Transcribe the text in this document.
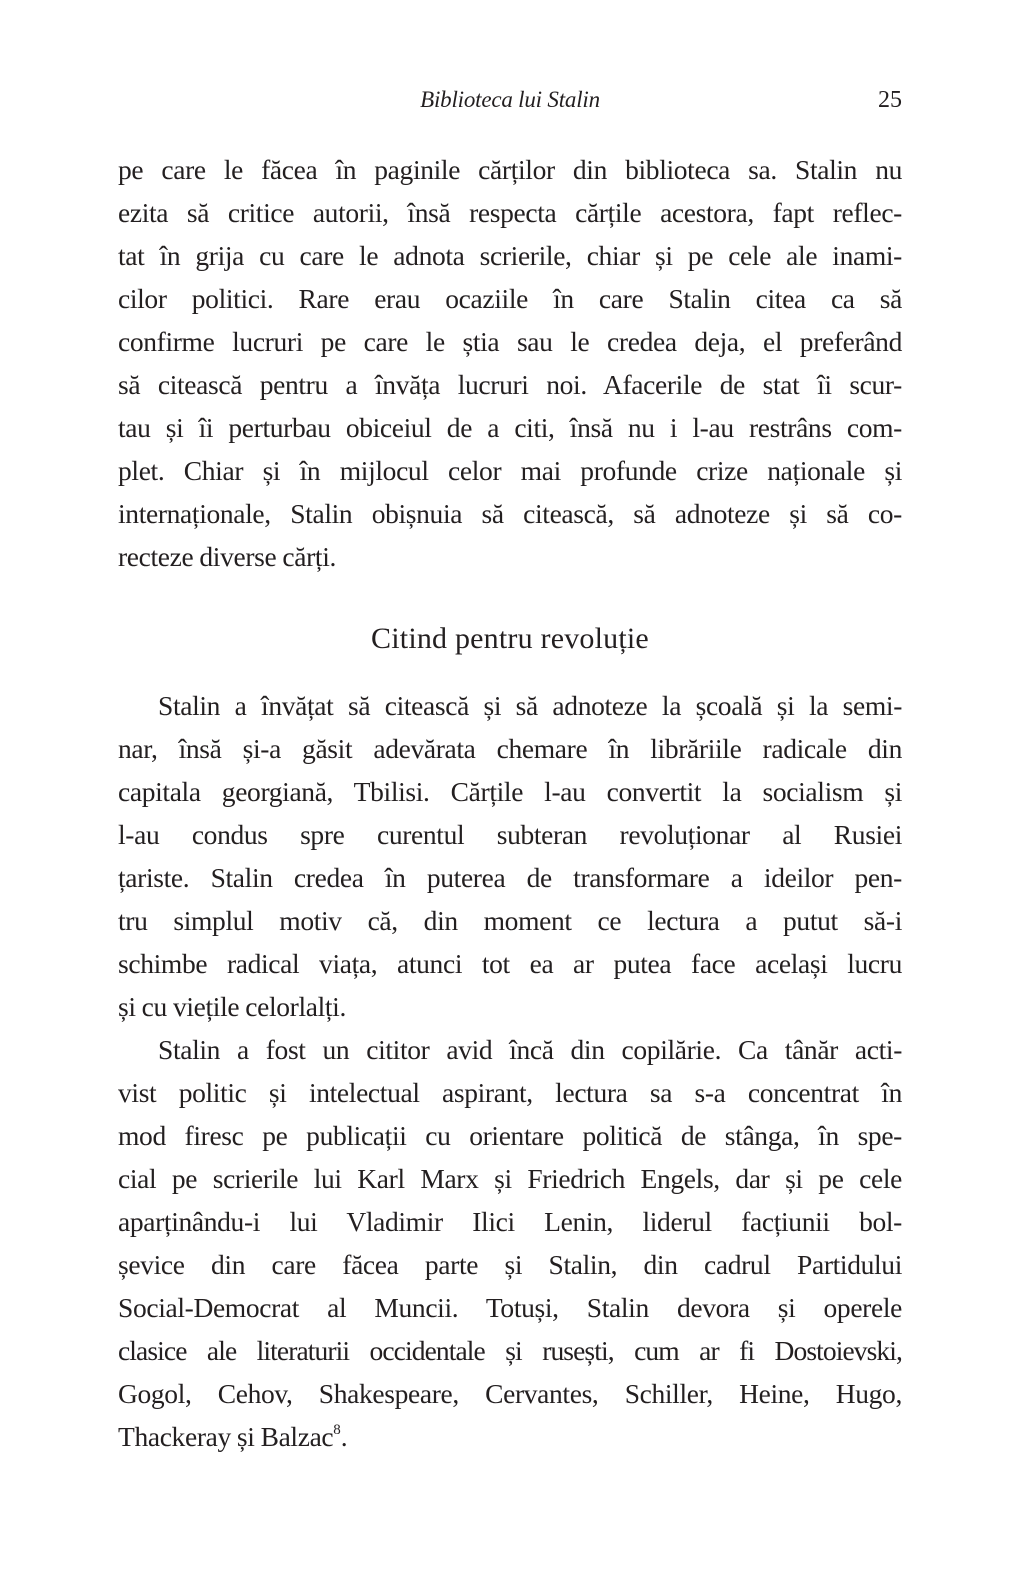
Biblioteca lui Stalin	25
pe care le făcea în paginile cărților din biblioteca sa. Stalin nu
ezita să critice autorii, însă respecta cărțile acestora, fapt reflec-
tat în grija cu care le adnota scrierile, chiar și pe cele ale inami-
cilor politici. Rare erau ocaziile în care Stalin citea ca să
confirme lucruri pe care le știa sau le credea deja, el preferând
să citească pentru a învăța lucruri noi. Afacerile de stat îi scur-
tau și îi perturbau obiceiul de a citi, însă nu i l-au restrâns com-
plet. Chiar și în mijlocul celor mai profunde crize naționale și
internaționale, Stalin obișnuia să citească, să adnoteze și să co-
recteze diverse cărți.
Citind pentru revoluție
Stalin a învățat să citească și să adnoteze la școală și la semi-
nar, însă și-a găsit adevărata chemare în librăriile radicale din
capitala georgiană, Tbilisi. Cărțile l-au convertit la socialism și
l-au condus spre curentul subteran revoluționar al Rusiei
țariste. Stalin credea în puterea de transformare a ideilor pen-
tru simplul motiv că, din moment ce lectura a putut să-i
schimbe radical viața, atunci tot ea ar putea face același lucru
și cu viețile celorlalți.
Stalin a fost un cititor avid încă din copilărie. Ca tânăr acti-
vist politic și intelectual aspirant, lectura sa s-a concentrat în
mod firesc pe publicații cu orientare politică de stânga, în spe-
cial pe scrierile lui Karl Marx și Friedrich Engels, dar și pe cele
aparținându-i lui Vladimir Ilici Lenin, liderul facțiunii bol-
șevice din care făcea parte și Stalin, din cadrul Partidului
Social-Democrat al Muncii. Totuși, Stalin devora și operele
clasice ale literaturii occidentale și rusești, cum ar fi Dostoievski,
Gogol, Cehov, Shakespeare, Cervantes, Schiller, Heine, Hugo,
Thackeray și Balzac$^8$.
